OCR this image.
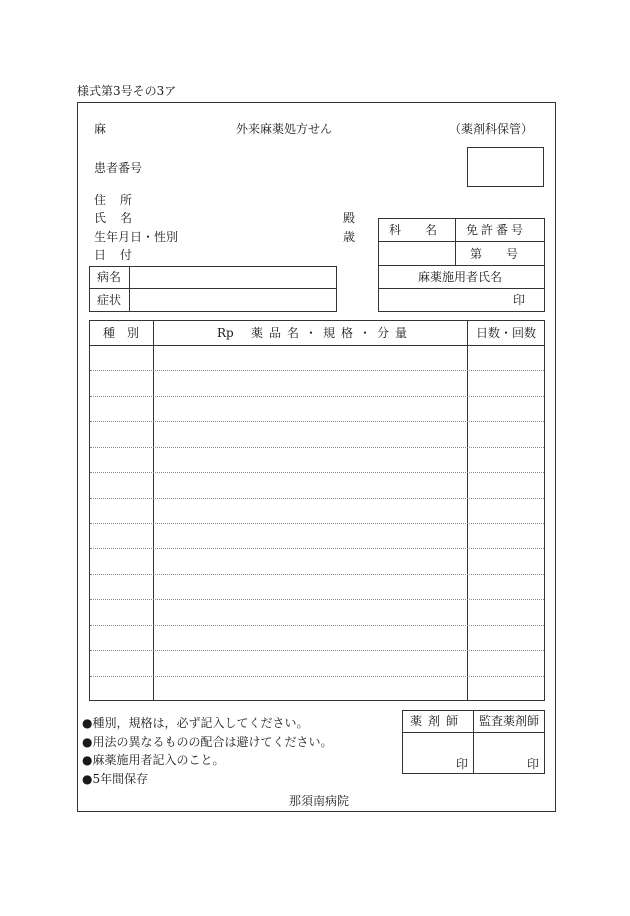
様式第3号その3ア
麻	外来麻薬処方せん	（薬剤科保管）
患者番号
住所
氏名	殿
生年月日・性別	歳
日付
病名
症状
科　　名 免許番号
第　　号
麻薬施用者氏名
印
種別	Rp 薬品名・規格・分量	日数・回数
●種別，規格は，必ず記入してください。
●用法の異なるものの配合は避けてください。
●麻薬施用者記入のこと。
●5年間保存
薬剤師 監査薬剤師
印	印
那須南病院
